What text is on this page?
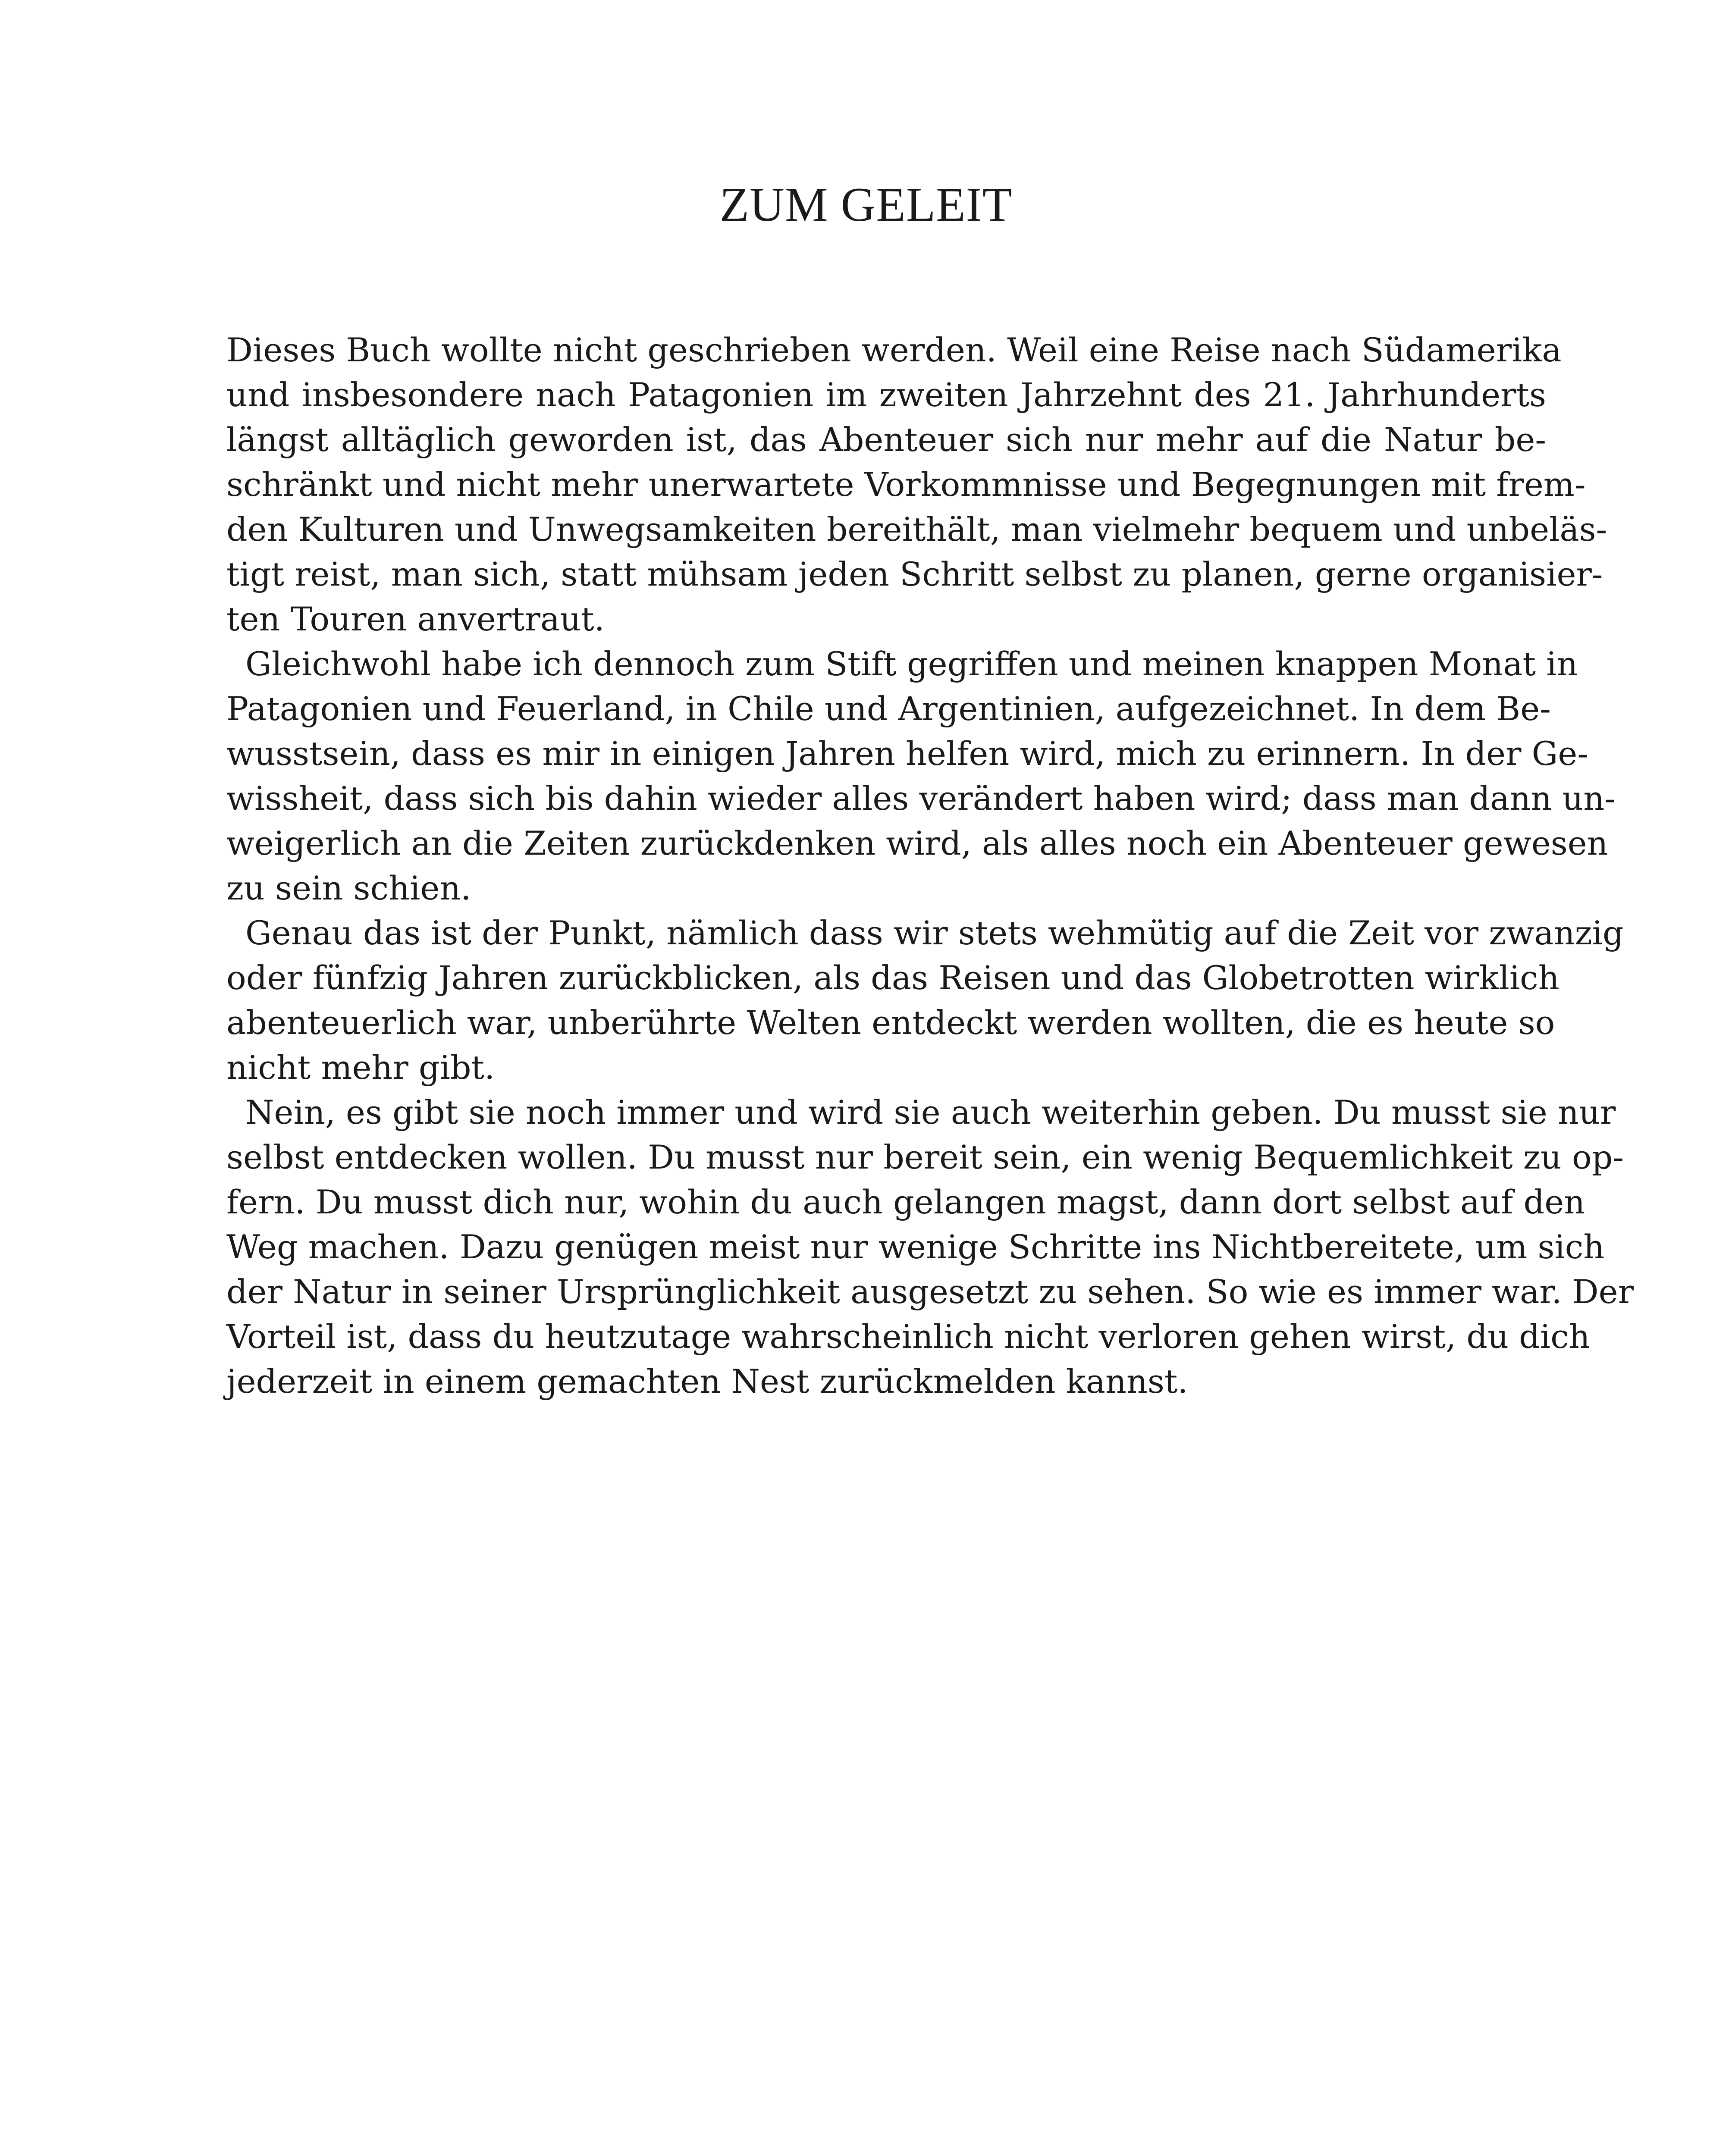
ZUM GELEIT
Dieses Buch wollte nicht geschrieben werden. Weil eine Reise nach Südamerika
und insbesondere nach Patagonien im zweiten Jahrzehnt des 21. Jahrhunderts
längst alltäglich geworden ist, das Abenteuer sich nur mehr auf die Natur be-
schränkt und nicht mehr unerwartete Vorkommnisse und Begegnungen mit frem-
den Kulturen und Unwegsamkeiten bereithält, man vielmehr bequem und unbeläs-
tigt reist, man sich, statt mühsam jeden Schritt selbst zu planen, gerne organisier-
ten Touren anvertraut.
Gleichwohl habe ich dennoch zum Stift gegriffen und meinen knappen Monat in
Patagonien und Feuerland, in Chile und Argentinien, aufgezeichnet. In dem Be-
wusstsein, dass es mir in einigen Jahren helfen wird, mich zu erinnern. In der Ge-
wissheit, dass sich bis dahin wieder alles verändert haben wird; dass man dann un-
weigerlich an die Zeiten zurückdenken wird, als alles noch ein Abenteuer gewesen
zu sein schien.
Genau das ist der Punkt, nämlich dass wir stets wehmütig auf die Zeit vor zwanzig
oder fünfzig Jahren zurückblicken, als das Reisen und das Globetrotten wirklich
abenteuerlich war, unberührte Welten entdeckt werden wollten, die es heute so
nicht mehr gibt.
Nein, es gibt sie noch immer und wird sie auch weiterhin geben. Du musst sie nur
selbst entdecken wollen. Du musst nur bereit sein, ein wenig Bequemlichkeit zu op-
fern. Du musst dich nur, wohin du auch gelangen magst, dann dort selbst auf den
Weg machen. Dazu genügen meist nur wenige Schritte ins Nichtbereitete, um sich
der Natur in seiner Ursprünglichkeit ausgesetzt zu sehen. So wie es immer war. Der
Vorteil ist, dass du heutzutage wahrscheinlich nicht verloren gehen wirst, du dich
jederzeit in einem gemachten Nest zurückmelden kannst.
